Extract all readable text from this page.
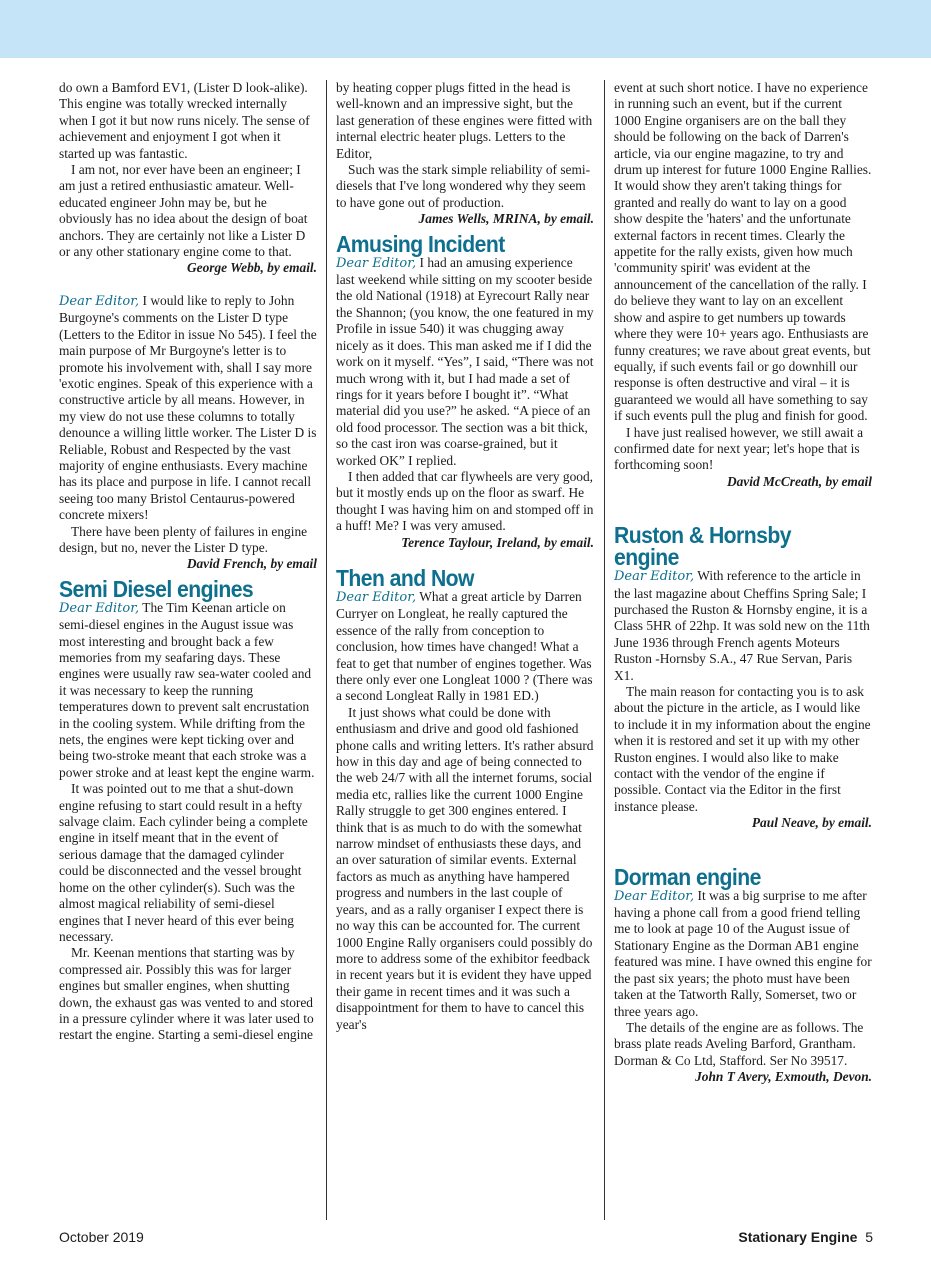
do own a Bamford EV1, (Lister D look-alike). This engine was totally wrecked internally when I got it but now runs nicely. The sense of achievement and enjoyment I got when it started up was fantastic.

I am not, nor ever have been an engineer; I am just a retired enthusiastic amateur. Well-educated engineer John may be, but he obviously has no idea about the design of boat anchors. They are certainly not like a Lister D or any other stationary engine come to that.

George Webb, by email.

Dear Editor, I would like to reply to John Burgoyne's comments on the Lister D type (Letters to the Editor in issue No 545). I feel the main purpose of Mr Burgoyne's letter is to promote his involvement with, shall I say more 'exotic engines. Speak of this experience with a constructive article by all means. However, in my view do not use these columns to totally denounce a willing little worker. The Lister D is Reliable, Robust and Respected by the vast majority of engine enthusiasts. Every machine has its place and purpose in life. I cannot recall seeing too many Bristol Centaurus-powered concrete mixers!

There have been plenty of failures in engine design, but no, never the Lister D type.

David French, by email

Semi Diesel engines

Dear Editor, The Tim Keenan article on semi-diesel engines in the August issue was most interesting and brought back a few memories from my seafaring days. These engines were usually raw sea-water cooled and it was necessary to keep the running temperatures down to prevent salt encrustation in the cooling system. While drifting from the nets, the engines were kept ticking over and being two-stroke meant that each stroke was a power stroke and at least kept the engine warm.

It was pointed out to me that a shut-down engine refusing to start could result in a hefty salvage claim. Each cylinder being a complete engine in itself meant that in the event of serious damage that the damaged cylinder could be disconnected and the vessel brought home on the other cylinder(s). Such was the almost magical reliability of semi-diesel engines that I never heard of this ever being necessary.

Mr. Keenan mentions that starting was by compressed air. Possibly this was for larger engines but smaller engines, when shutting down, the exhaust gas was vented to and stored in a pressure cylinder where it was later used to restart the engine. Starting a semi-diesel engine

by heating copper plugs fitted in the head is well-known and an impressive sight, but the last generation of these engines were fitted with internal electric heater plugs. Letters to the Editor,

Such was the stark simple reliability of semi-diesels that I've long wondered why they seem to have gone out of production.

James Wells, MRINA, by email.

Amusing Incident

Dear Editor, I had an amusing experience last weekend while sitting on my scooter beside the old National (1918) at Eyrecourt Rally near the Shannon; (you know, the one featured in my Profile in issue 540) it was chugging away nicely as it does. This man asked me if I did the work on it myself. “Yes”, I said, “There was not much wrong with it, but I had made a set of rings for it years before I bought it”. “What material did you use?” he asked. “A piece of an old food processor. The section was a bit thick, so the cast iron was coarse-grained, but it worked OK” I replied.

I then added that car flywheels are very good, but it mostly ends up on the floor as swarf. He thought I was having him on and stomped off in a huff! Me? I was very amused.

Terence Taylour, Ireland, by email.

Then and Now

Dear Editor, What a great article by Darren Curryer on Longleat, he really captured the essence of the rally from conception to conclusion, how times have changed! What a feat to get that number of engines together. Was there only ever one Longleat 1000 ? (There was a second Longleat Rally in 1981 ED.)

It just shows what could be done with enthusiasm and drive and good old fashioned phone calls and writing letters. It's rather absurd how in this day and age of being connected to the web 24/7 with all the internet forums, social media etc, rallies like the current 1000 Engine Rally struggle to get 300 engines entered. I think that is as much to do with the somewhat narrow mindset of enthusiasts these days, and an over saturation of similar events. External factors as much as anything have hampered progress and numbers in the last couple of years, and as a rally organiser I expect there is no way this can be accounted for. The current 1000 Engine Rally organisers could possibly do more to address some of the exhibitor feedback in recent years but it is evident they have upped their game in recent times and it was such a disappointment for them to have to cancel this year's

event at such short notice. I have no experience in running such an event, but if the current 1000 Engine organisers are on the ball they should be following on the back of Darren's article, via our engine magazine, to try and drum up interest for future 1000 Engine Rallies. It would show they aren't taking things for granted and really do want to lay on a good show despite the 'haters' and the unfortunate external factors in recent times. Clearly the appetite for the rally exists, given how much 'community spirit' was evident at the announcement of the cancellation of the rally. I do believe they want to lay on an excellent show and aspire to get numbers up towards where they were 10+ years ago. Enthusiasts are funny creatures; we rave about great events, but equally, if such events fail or go downhill our response is often destructive and viral – it is guaranteed we would all have something to say if such events pull the plug and finish for good.

I have just realised however, we still await a confirmed date for next year; let's hope that is forthcoming soon!

David McCreath, by email

Ruston & Hornsby engine

Dear Editor, With reference to the article in the last magazine about Cheffins Spring Sale; I purchased the Ruston & Hornsby engine, it is a Class 5HR of 22hp. It was sold new on the 11th June 1936 through French agents Moteurs Ruston -Hornsby S.A., 47 Rue Servan, Paris X1.

The main reason for contacting you is to ask about the picture in the article, as I would like to include it in my information about the engine when it is restored and set it up with my other Ruston engines. I would also like to make contact with the vendor of the engine if possible. Contact via the Editor in the first instance please.

Paul Neave, by email.

Dorman engine

Dear Editor, It was a big surprise to me after having a phone call from a good friend telling me to look at page 10 of the August issue of Stationary Engine as the Dorman AB1 engine featured was mine. I have owned this engine for the past six years; the photo must have been taken at the Tatworth Rally, Somerset, two or three years ago.

The details of the engine are as follows. The brass plate reads Aveling Barford, Grantham. Dorman & Co Ltd, Stafford. Ser No 39517.

John T Avery, Exmouth, Devon.

October 2019	Stationary Engine 5
